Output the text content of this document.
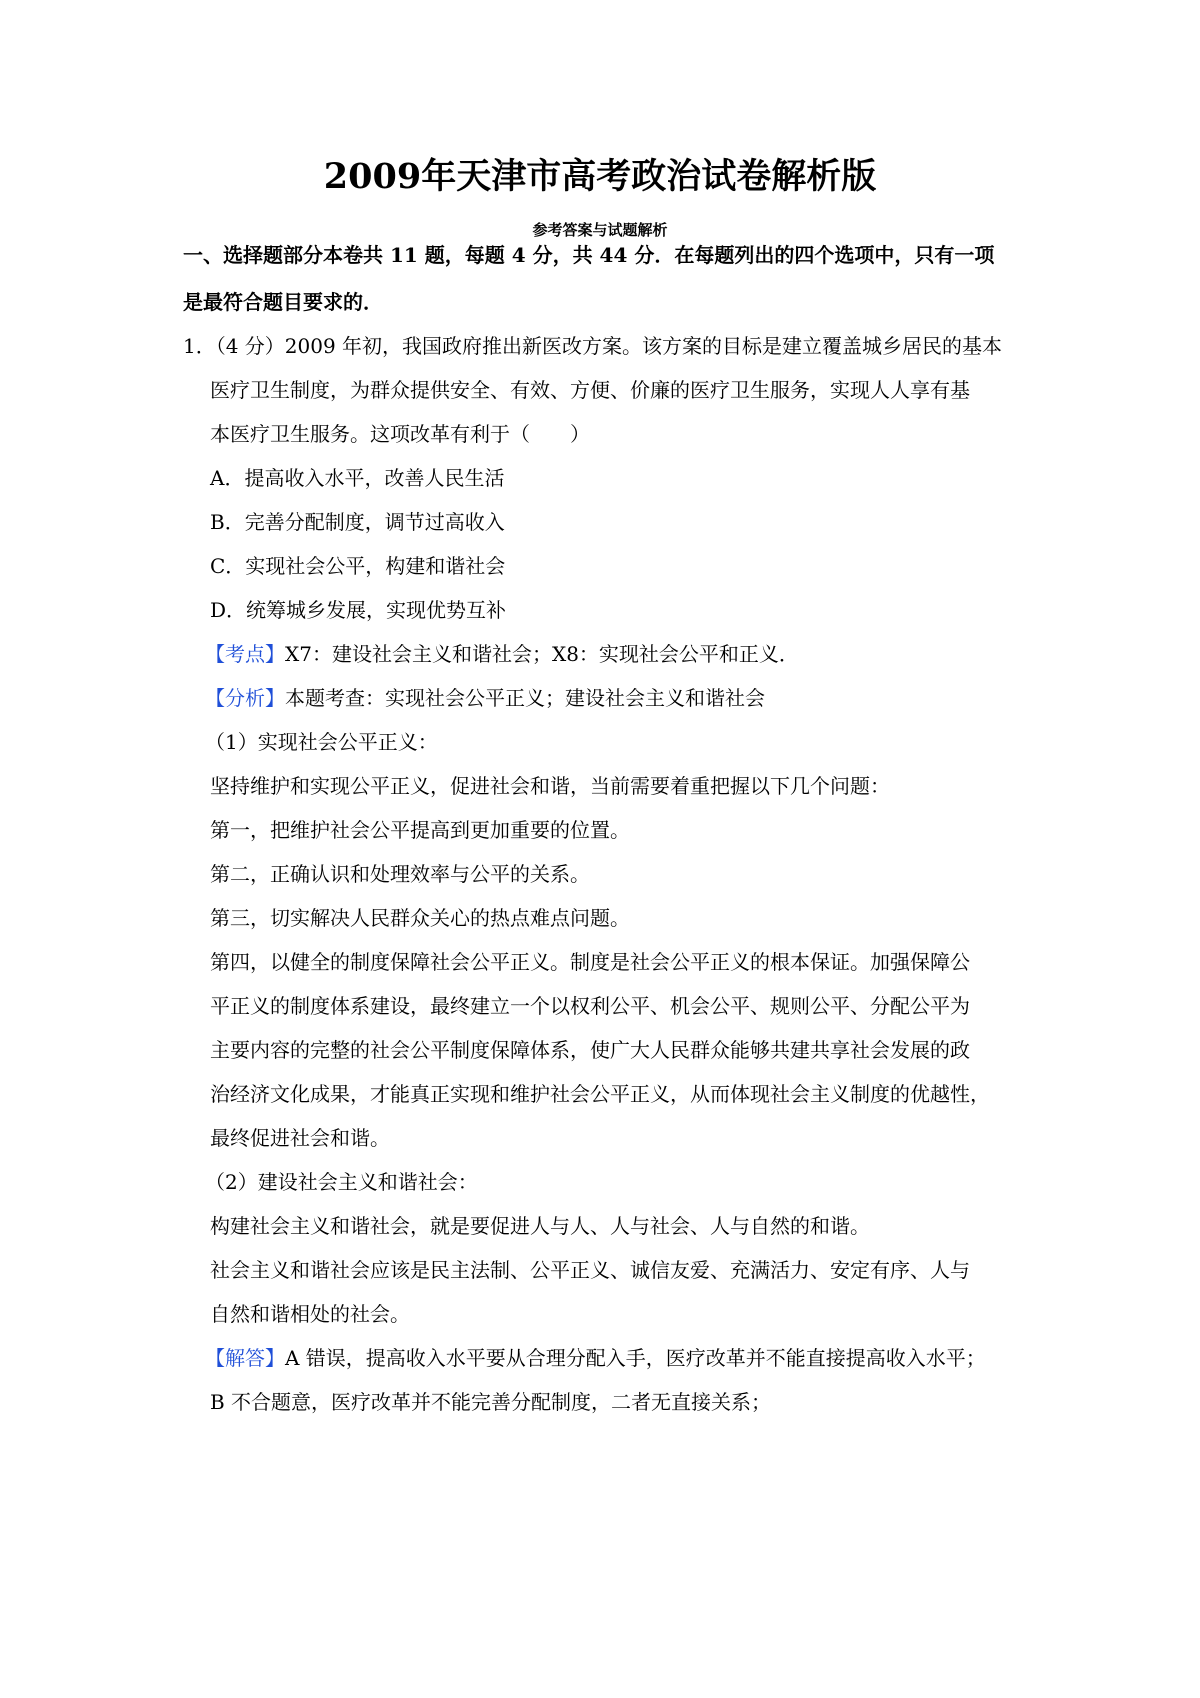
2009年天津市高考政治试卷解析版
参考答案与试题解析
一、选择题部分本卷共 11 题，每题 4 分，共 44 分．在每题列出的四个选项中，只有一项
是最符合题目要求的．
1．（4 分）2009 年初，我国政府推出新医改方案。该方案的目标是建立覆盖城乡居民的基本
医疗卫生制度，为群众提供安全、有效、方便、价廉的医疗卫生服务，实现人人享有基
本医疗卫生服务。这项改革有利于（　　）
A．提高收入水平，改善人民生活
B．完善分配制度，调节过高收入
C．实现社会公平，构建和谐社会
D．统筹城乡发展，实现优势互补
【考点】X7：建设社会主义和谐社会；X8：实现社会公平和正义．
【分析】本题考查：实现社会公平正义；建设社会主义和谐社会
（1）实现社会公平正义：
坚持维护和实现公平正义，促进社会和谐，当前需要着重把握以下几个问题：
第一，把维护社会公平提高到更加重要的位置。
第二，正确认识和处理效率与公平的关系。
第三，切实解决人民群众关心的热点难点问题。
第四，以健全的制度保障社会公平正义。制度是社会公平正义的根本保证。加强保障公
平正义的制度体系建设，最终建立一个以权利公平、机会公平、规则公平、分配公平为
主要内容的完整的社会公平制度保障体系，使广大人民群众能够共建共享社会发展的政
治经济文化成果，才能真正实现和维护社会公平正义，从而体现社会主义制度的优越性，
最终促进社会和谐。
（2）建设社会主义和谐社会：
构建社会主义和谐社会，就是要促进人与人、人与社会、人与自然的和谐。
社会主义和谐社会应该是民主法制、公平正义、诚信友爱、充满活力、安定有序、人与
自然和谐相处的社会。
【解答】A 错误，提高收入水平要从合理分配入手，医疗改革并不能直接提高收入水平；
B 不合题意，医疗改革并不能完善分配制度，二者无直接关系；
